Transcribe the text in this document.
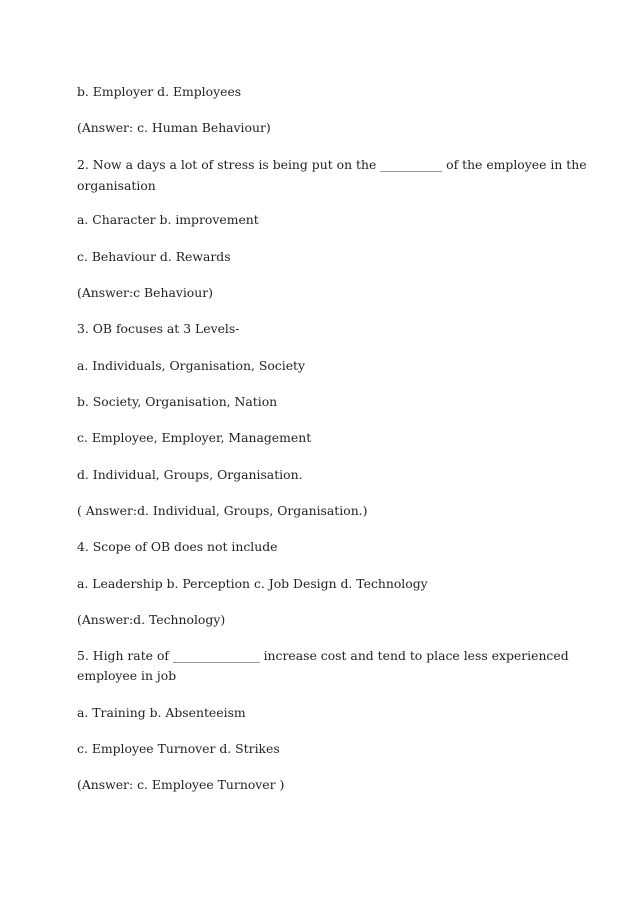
b. Employer d. Employees

(Answer: c. Human Behaviour)

2. Now a days a lot of stress is being put on the __________ of the employee in the

organisation

a. Character b. improvement

c. Behaviour d. Rewards

(Answer:c Behaviour)

3. OB focuses at 3 Levels-

a. Individuals, Organisation, Society

b. Society, Organisation, Nation

c. Employee, Employer, Management

d. Individual, Groups, Organisation.

( Answer:d. Individual, Groups, Organisation.)

4. Scope of OB does not include

a. Leadership b. Perception c. Job Design d. Technology

(Answer:d. Technology)

5. High rate of ______________ increase cost and tend to place less experienced

employee in job

a. Training b. Absenteeism

c. Employee Turnover d. Strikes

(Answer: c. Employee Turnover )
